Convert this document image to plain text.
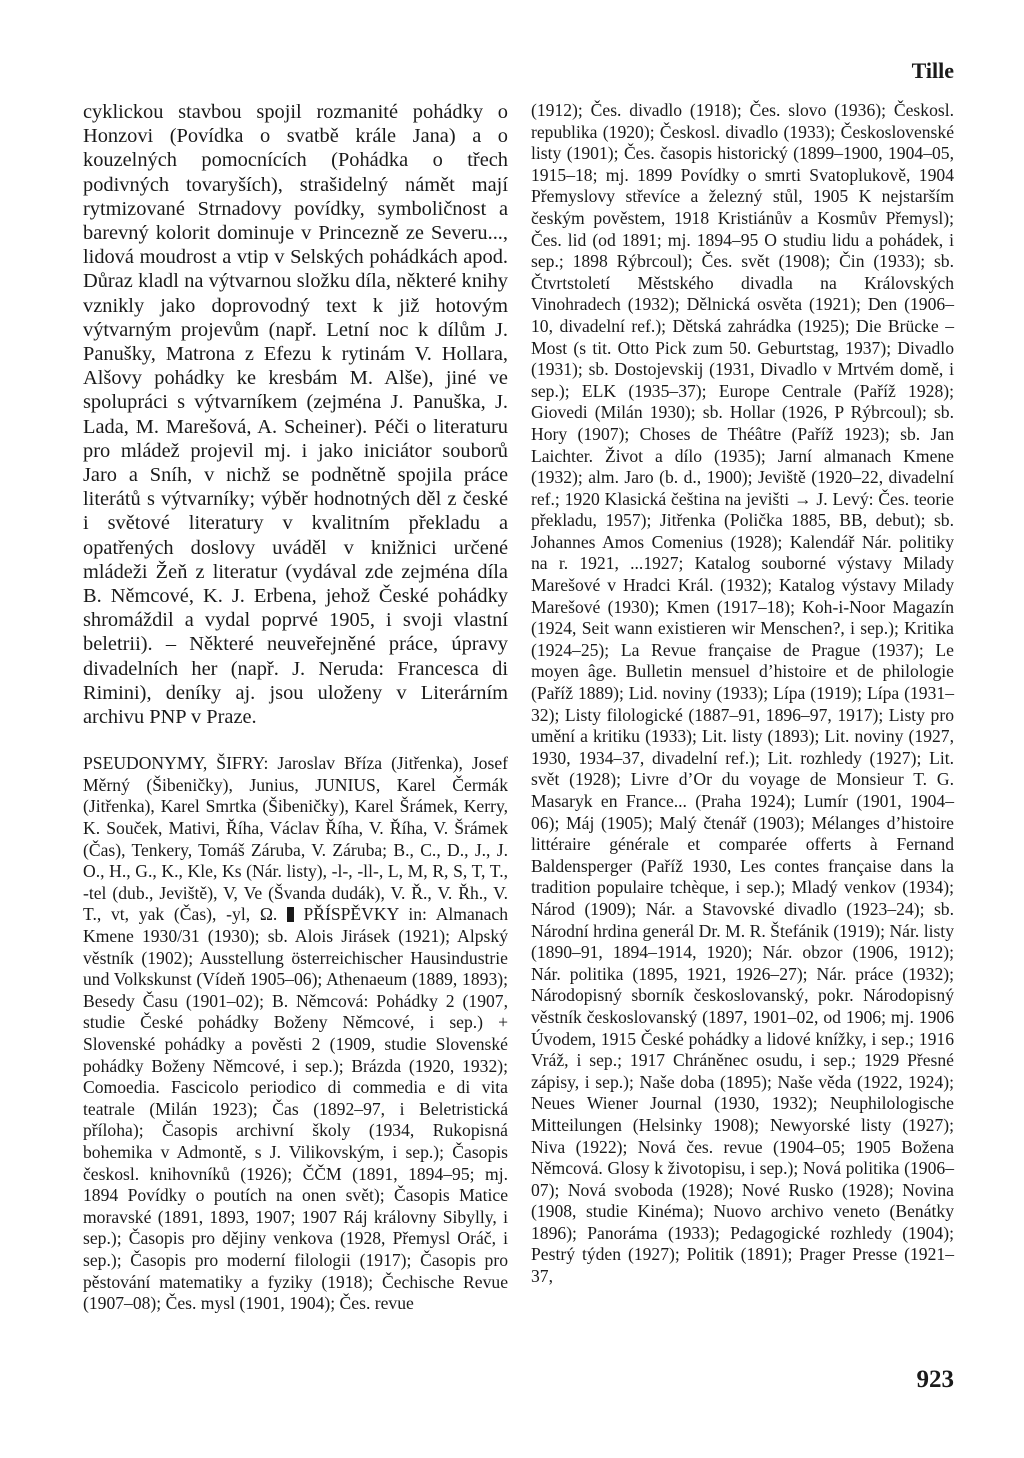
Tille

cyklickou stavbou spojil rozmanité pohádky o Honzovi (Povídka o svatbě krále Jana) a o kouzelných pomocnících (Pohádka o třech podivných tovaryších), strašidelný námět mají rytmizované Strnadovy povídky, symboličnost a barevný kolorit dominuje v Princezně ze Severu..., lidová moudrost a vtip v Selských pohádkách apod. Důraz kladl na výtvarnou složku díla, některé knihy vznikly jako doprovodný text k již hotovým výtvarným projevům (např. Letní noc k dílům J. Panušky, Matrona z Efezu k rytinám V. Hollara, Alšovy pohádky ke kresbám M. Alše), jiné ve spolupráci s výtvarníkem (zejména J. Panuška, J. Lada, M. Marešová, A. Scheiner). Péči o literaturu pro mládež projevil mj. i jako iniciátor souborů Jaro a Sníh, v nichž se podnětně spojila práce literátů s výtvarníky; výběr hodnotných děl z české i světové literatury v kvalitním překladu a opatřených doslovy uváděl v knižnici určené mládeži Žeň z literatur (vydával zde zejména díla B. Němcové, K. J. Erbena, jehož České pohádky shromáždil a vydal poprvé 1905, i svoji vlastní beletrii). – Některé neuveřejněné práce, úpravy divadelních her (např. J. Neruda: Francesca di Rimini), deníky aj. jsou uloženy v Literárním archivu PNP v Praze.

PSEUDONYMY, ŠIFRY: Jaroslav Bříza (Jitřenka), Josef Měrný (Šibeničky), Junius, JUNIUS, Karel Čermák (Jitřenka), Karel Smrtka (Šibeničky), Karel Šrámek, Kerry, K. Souček, Mativi, Říha, Václav Říha, V. Říha, V. Šrámek (Čas), Tenkery, Tomáš Záruba, V. Záruba; B., C., D., J., J. O., H., G., K., Kle, Ks (Nár. listy), -l-, -ll-, L, M, R, S, T, T., -tel (dub., Jeviště), V, Ve (Švanda dudák), V. Ř., V. Řh., V. T., vt, yak (Čas), -yl, Ω. PŘÍSPĚVKY in: Almanach Kmene 1930/31 (1930); sb. Alois Jirásek (1921); Alpský věstník (1902); Ausstellung österreichischer Hausindustrie und Volkskunst (Vídeň 1905–06); Athenaeum (1889, 1893); Besedy Času (1901–02); B. Němcová: Pohádky 2 (1907, studie České pohádky Boženy Němcové, i sep.) + Slovenské pohádky a pověsti 2 (1909, studie Slovenské pohádky Boženy Němcové, i sep.); Brázda (1920, 1932); Comoedia. Fascicolo periodico di commedia e di vita teatrale (Milán 1923); Čas (1892–97, i Beletristická příloha); Časopis archivní školy (1934, Rukopisná bohemika v Admontě, s J. Vilikovským, i sep.); Časopis českosl. knihovníků (1926); ČČM (1891, 1894–95; mj. 1894 Povídky o poutích na onen svět); Časopis Matice moravské (1891, 1893, 1907; 1907 Ráj královny Sibylly, i sep.); Časopis pro dějiny venkova (1928, Přemysl Oráč, i sep.); Časopis pro moderní filologii (1917); Časopis pro pěstování matematiky a fyziky (1918); Čechische Revue (1907–08); Čes. mysl (1901, 1904); Čes. revue

(1912); Čes. divadlo (1918); Čes. slovo (1936); Českosl. republika (1920); Českosl. divadlo (1933); Československé listy (1901); Čes. časopis historický (1899–1900, 1904–05, 1915–18; mj. 1899 Povídky o smrti Svatoplukově, 1904 Přemyslovy střevíce a železný stůl, 1905 K nejstarším českým pověstem, 1918 Kristiánův a Kosmův Přemysl); Čes. lid (od 1891; mj. 1894–95 O studiu lidu a pohádek, i sep.; 1898 Rýbrcoul); Čes. svět (1908); Čin (1933); sb. Čtvrtstoletí Městského divadla na Královských Vinohradech (1932); Dělnická osvěta (1921); Den (1906–10, divadelní ref.); Dětská zahrádka (1925); Die Brücke – Most (s tit. Otto Pick zum 50. Geburtstag, 1937); Divadlo (1931); sb. Dostojevskij (1931, Divadlo v Mrtvém domě, i sep.); ELK (1935–37); Europe Centrale (Paříž 1928); Giovedi (Milán 1930); sb. Hollar (1926, P Rýbrcoul); sb. Hory (1907); Choses de Théâtre (Paříž 1923); sb. Jan Laichter. Život a dílo (1935); Jarní almanach Kmene (1932); alm. Jaro (b. d., 1900); Jeviště (1920–22, divadelní ref.; 1920 Klasická čeština na jevišti → J. Levý: Čes. teorie překladu, 1957); Jitřenka (Polička 1885, BB, debut); sb. Johannes Amos Comenius (1928); Kalendář Nár. politiky na r. 1921, ...1927; Katalog souborné výstavy Milady Marešové v Hradci Král. (1932); Katalog výstavy Milady Marešové (1930); Kmen (1917–18); Koh-i-Noor Magazín (1924, Seit wann existieren wir Menschen?, i sep.); Kritika (1924–25); La Revue française de Prague (1937); Le moyen âge. Bulletin mensuel d’histoire et de philologie (Paříž 1889); Lid. noviny (1933); Lípa (1919); Lípa (1931–32); Listy filologické (1887–91, 1896–97, 1917); Listy pro umění a kritiku (1933); Lit. listy (1893); Lit. noviny (1927, 1930, 1934–37, divadelní ref.); Lit. rozhledy (1927); Lit. svět (1928); Livre d’Or du voyage de Monsieur T. G. Masaryk en France... (Praha 1924); Lumír (1901, 1904–06); Máj (1905); Malý čtenář (1903); Mélanges d’histoire littéraire générale et comparée offerts à Fernand Baldensperger (Paříž 1930, Les contes française dans la tradition populaire tchèque, i sep.); Mladý venkov (1934); Národ (1909); Nár. a Stavovské divadlo (1923–24); sb. Národní hrdina generál Dr. M. R. Štefánik (1919); Nár. listy (1890–91, 1894–1914, 1920); Nár. obzor (1906, 1912); Nár. politika (1895, 1921, 1926–27); Nár. práce (1932); Národopisný sborník českoslovanský, pokr. Národopisný věstník českoslovanský (1897, 1901–02, od 1906; mj. 1906 Úvodem, 1915 České pohádky a lidové knížky, i sep.; 1916 Vráž, i sep.; 1917 Chráněnec osudu, i sep.; 1929 Přesné zápisy, i sep.); Naše doba (1895); Naše věda (1922, 1924); Neues Wiener Journal (1930, 1932); Neuphilologische Mitteilungen (Helsinky 1908); Newyorské listy (1927); Niva (1922); Nová čes. revue (1904–05; 1905 Božena Němcová. Glosy k životopisu, i sep.); Nová politika (1906–07); Nová svoboda (1928); Nové Rusko (1928); Novina (1908, studie Kinéma); Nuovo archivo veneto (Benátky 1896); Panoráma (1933); Pedagogické rozhledy (1904); Pestrý týden (1927); Politik (1891); Prager Presse (1921–37,

923
